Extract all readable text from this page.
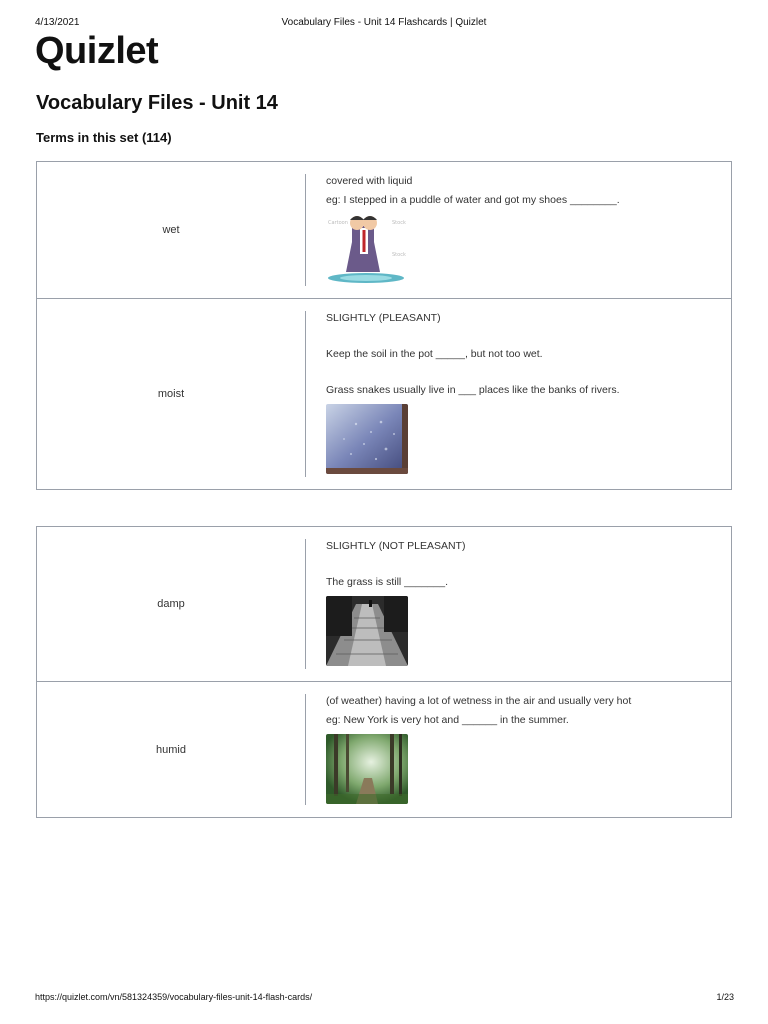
4/13/2021	Vocabulary Files - Unit 14 Flashcards | Quizlet
Quizlet
Vocabulary Files - Unit 14
Terms in this set (114)
wet

covered with liquid

eg: I stepped in a puddle of water and got my shoes ________.

Cartoon	Stock
Stock
moist

SLIGHTLY (PLEASANT)

Keep the soil in the pot _____, but not too wet.

Grass snakes usually live in ___ places like the banks of rivers.

damp

SLIGHTLY (NOT PLEASANT)

The grass is still _______.

humid

(of weather) having a lot of wetness in the air and usually very hot

eg: New York is very hot and ______ in the summer.

https://quizlet.com/vn/581324359/vocabulary-files-unit-14-flash-cards/	1/23
